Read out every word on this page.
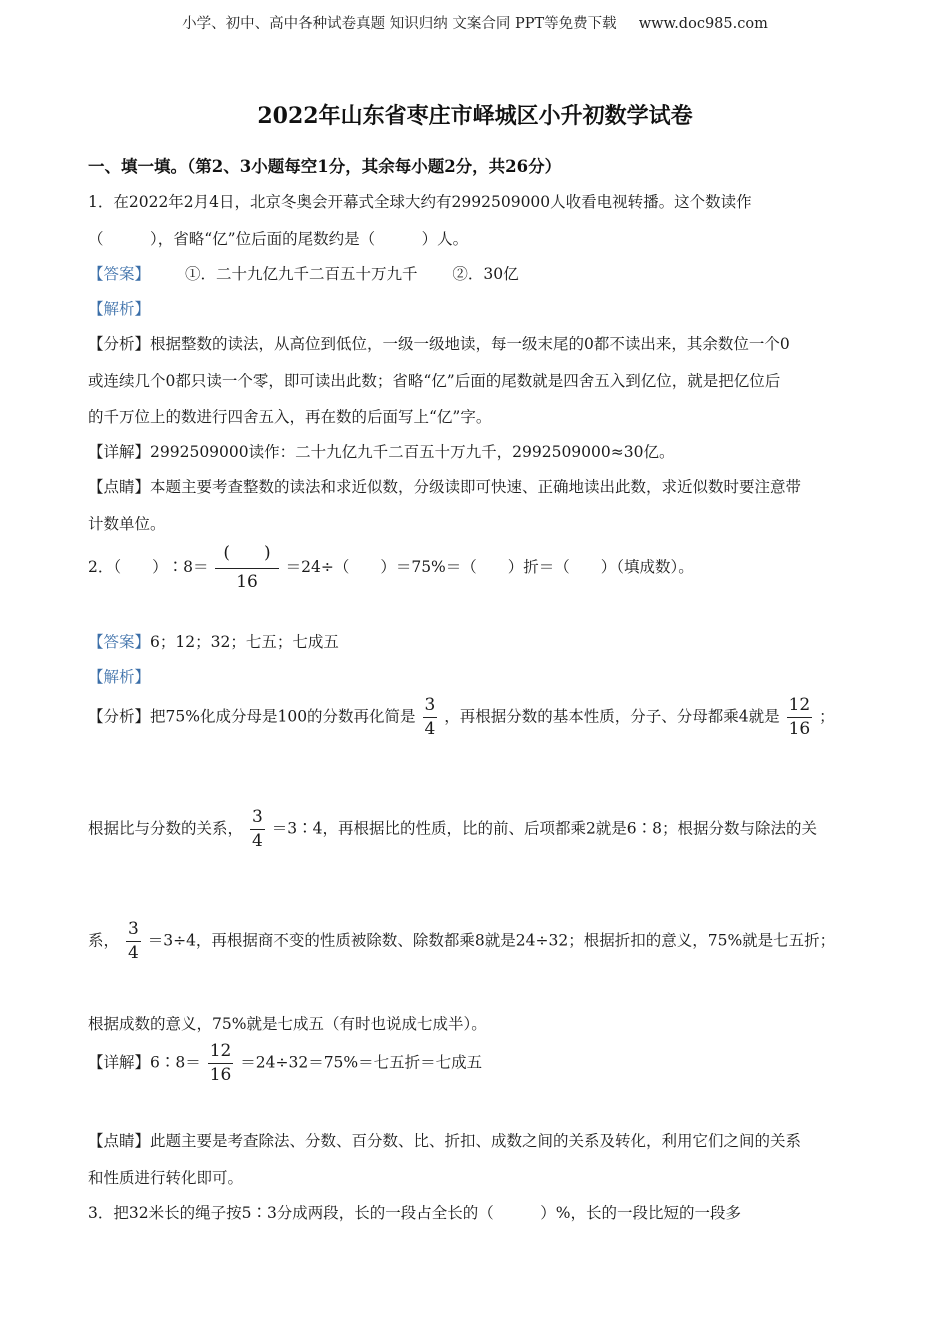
小学、初中、高中各种试卷真题 知识归纳 文案合同 PPT等免费下载 www.doc985.com
2022年山东省枣庄市峄城区小升初数学试卷
一、填一填。（第2、3小题每空1分，其余每小题2分，共26分）
1．在2022年2月4日，北京冬奥会开幕式全球大约有2992509000人收看电视转播。这个数读作
（　　　），省略“亿”位后面的尾数约是（　　　）人。
【答案】 ①．二十九亿九千二百五十万九千 ②．30亿
【解析】
【分析】根据整数的读法，从高位到低位，一级一级地读，每一级末尾的0都不读出来，其余数位一个0
或连续几个0都只读一个零，即可读出此数；省略“亿”后面的尾数就是四舍五入到亿位，就是把亿位后
的千万位上的数进行四舍五入，再在数的后面写上“亿”字。
【详解】2992509000读作：二十九亿九千二百五十万九千，2992509000≈30亿。
【点睛】本题主要考查整数的读法和求近似数，分级读即可快速、正确地读出此数，求近似数时要注意带
计数单位。
2．（　　）∶8＝ $\frac{( )}{16} =24\div$（　　）＝75%＝（　　）折＝（　　）（填成数）。
【答案】6；12；32；七五；七成五
【解析】
【分析】把75%化成分母是100的分数再化简是 $\frac{3}{4}$ ，再根据分数的基本性质，分子、分母都乘4就是 $\frac{12}{16}$ ；
根据比与分数的关系， $\frac{3}{4}$ ＝3∶4，再根据比的性质，比的前、后项都乘2就是6∶8；根据分数与除法的关
系， $\frac{3}{4} =3\div 4$，再根据商不变的性质被除数、除数都乘8就是24÷32；根据折扣的意义，75%就是七五折；
根据成数的意义，75%就是七成五（有时也说成七成半）。
【详解】6∶8＝ $\frac{12}{16} =24\div 32=75\%=$七五折＝七成五
【点睛】此题主要是考查除法、分数、百分数、比、折扣、成数之间的关系及转化，利用它们之间的关系
和性质进行转化即可。
3．把32米长的绳子按5∶3分成两段，长的一段占全长的（　　　）%，长的一段比短的一段多
